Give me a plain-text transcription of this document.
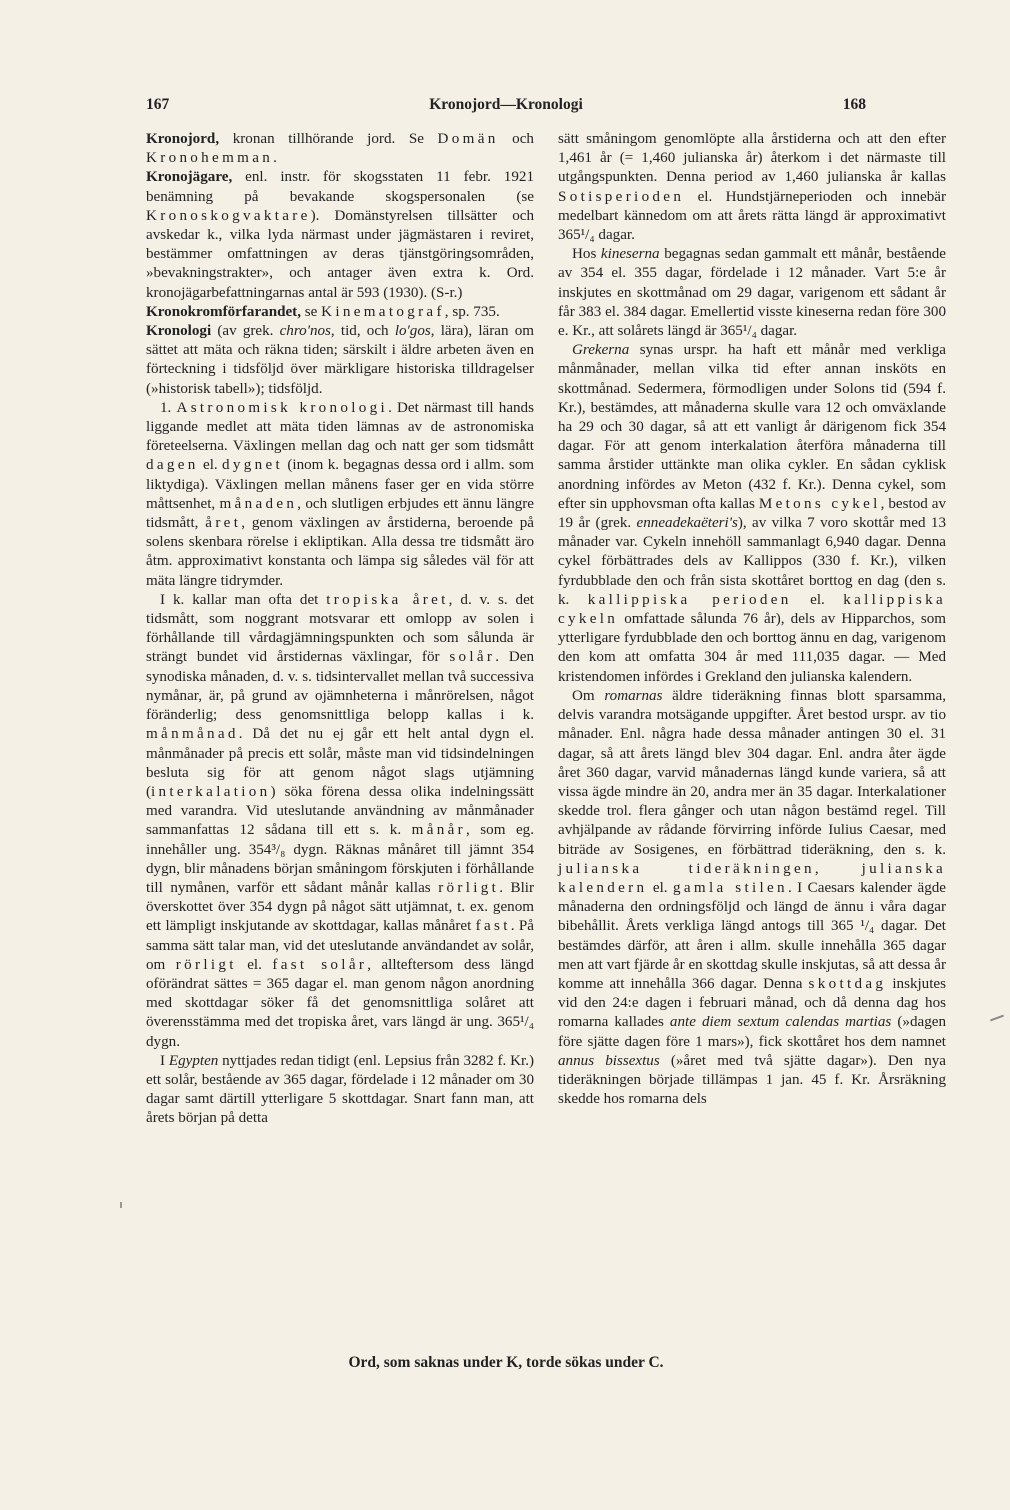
167	Kronojord—Kronologi	168

Kronojord, kronan tillhörande jord. Se Domän och Kronohemman.

Kronojägare, enl. instr. för skogsstaten 11 febr. 1921 benämning på bevakande skogspersonalen (se Kronoskogvaktare). Domänstyrelsen tillsätter och avskedar k., vilka lyda närmast under jägmästaren i reviret, bestämmer omfattningen av deras tjänstgöringsområden, »bevakningstrakter», och antager även extra k. Ord. kronojägarbefattningarnas antal är 593 (1930). (S-r.)

Kronokromförfarandet, se Kinematograf, sp. 735.

Kronologi (av grek. chro'nos, tid, och lo'gos, lära), läran om sättet att mäta och räkna tiden; särskilt i äldre arbeten även en förteckning i tidsföljd över märkligare historiska tilldragelser (»historisk tabell»); tidsföljd.

1. Astronomisk kronologi. Det närmast till hands liggande medlet att mäta tiden lämnas av de astronomiska företeelserna. Växlingen mellan dag och natt ger som tidsmått dagen el. dygnet (inom k. begagnas dessa ord i allm. som liktydiga). Växlingen mellan månens faser ger en vida större måttsenhet, månaden, och slutligen erbjudes ett ännu längre tidsmått, året, genom växlingen av årstiderna, beroende på solens skenbara rörelse i ekliptikan. Alla dessa tre tidsmått äro åtm. approximativt konstanta och lämpa sig således väl för att mäta längre tidrymder.

I k. kallar man ofta det tropiska året, d. v. s. det tidsmått, som noggrant motsvarar ett omlopp av solen i förhållande till vårdagjämningspunkten och som sålunda är strängt bundet vid årstidernas växlingar, för solår. Den synodiska månaden, d. v. s. tidsintervallet mellan två successiva nymånar, är, på grund av ojämnheterna i månrörelsen, något föränderlig; dess genomsnittliga belopp kallas i k. månmånad. Då det nu ej går ett helt antal dygn el. månmånader på precis ett solår, måste man vid tidsindelningen besluta sig för att genom något slags utjämning (interkalation) söka förena dessa olika indelningssätt med varandra. Vid uteslutande användning av månmånader sammanfattas 12 sådana till ett s. k. månår, som eg. innehåller ung. 354³/₈ dygn. Räknas månåret till jämnt 354 dygn, blir månadens början småningom förskjuten i förhållande till nymånen, varför ett sådant månår kallas rörligt. Blir överskottet över 354 dygn på något sätt utjämnat, t. ex. genom ett lämpligt inskjutande av skottdagar, kallas månåret fast. På samma sätt talar man, vid det uteslutande användandet av solår, om rörligt el. fast solår, allteftersom dess längd oförändrat sättes = 365 dagar el. man genom någon anordning med skottdagar söker få det genomsnittliga solåret att överensstämma med det tropiska året, vars längd är ung. 365¹/₄ dygn.

I Egypten nyttjades redan tidigt (enl. Lepsius från 3282 f. Kr.) ett solår, bestående av 365 dagar, fördelade i 12 månader om 30 dagar samt därtill ytterligare 5 skottdagar. Snart fann man, att årets början på detta

sätt småningom genomlöpte alla årstiderna och att den efter 1,461 år (= 1,460 julianska år) återkom i det närmaste till utgångspunkten. Denna period av 1,460 julianska år kallas Sotisperioden el. Hundstjärneperioden och innebär medelbart kännedom om att årets rätta längd är approximativt 365¹/₄ dagar.

Hos kineserna begagnas sedan gammalt ett månår, bestående av 354 el. 355 dagar, fördelade i 12 månader. Vart 5:e år inskjutes en skottmånad om 29 dagar, varigenom ett sådant år får 383 el. 384 dagar. Emellertid visste kineserna redan före 300 e. Kr., att solårets längd är 365¹/₄ dagar.

Grekerna synas urspr. ha haft ett månår med verkliga månmånader, mellan vilka tid efter annan insköts en skottmånad. Sedermera, förmodligen under Solons tid (594 f. Kr.), bestämdes, att månaderna skulle vara 12 och omväxlande ha 29 och 30 dagar, så att ett vanligt år därigenom fick 354 dagar. För att genom interkalation återföra månaderna till samma årstider uttänkte man olika cykler. En sådan cyklisk anordning infördes av Meton (432 f. Kr.). Denna cykel, som efter sin upphovsman ofta kallas Metons cykel, bestod av 19 år (grek. enneadekaëteri's), av vilka 7 voro skottår med 13 månader var. Cykeln innehöll sammanlagt 6,940 dagar. Denna cykel förbättrades dels av Kallippos (330 f. Kr.), vilken fyrdubblade den och från sista skottåret borttog en dag (den s. k. kallippiska perioden el. kallippiska cykeln omfattade sålunda 76 år), dels av Hipparchos, som ytterligare fyrdubblade den och borttog ännu en dag, varigenom den kom att omfatta 304 år med 111,035 dagar. — Med kristendomen infördes i Grekland den julianska kalendern.

Om romarnas äldre tideräkning finnas blott sparsamma, delvis varandra motsägande uppgifter. Året bestod urspr. av tio månader. Enl. några hade dessa månader antingen 30 el. 31 dagar, så att årets längd blev 304 dagar. Enl. andra åter ägde året 360 dagar, varvid månadernas längd kunde variera, så att vissa ägde mindre än 20, andra mer än 35 dagar. Interkalationer skedde trol. flera gånger och utan någon bestämd regel. Till avhjälpande av rådande förvirring införde Iulius Caesar, med biträde av Sosigenes, en förbättrad tideräkning, den s. k. julianska tideräkningen, julianska kalendern el. gamla stilen. I Caesars kalender ägde månaderna den ordningsföljd och längd de ännu i våra dagar bibehållit. Årets verkliga längd antogs till 365 ¹/₄ dagar. Det bestämdes därför, att åren i allm. skulle innehålla 365 dagar men att vart fjärde år en skottdag skulle inskjutas, så att dessa år komme att innehålla 366 dagar. Denna skottdag inskjutes vid den 24:e dagen i februari månad, och då denna dag hos romarna kallades ante diem sextum calendas martias (»dagen före sjätte dagen före 1 mars»), fick skottåret hos dem namnet annus bissextus (»året med två sjätte dagar»). Den nya tideräkningen började tillämpas 1 jan. 45 f. Kr. Årsräkning skedde hos romarna dels

Ord, som saknas under K, torde sökas under C.
